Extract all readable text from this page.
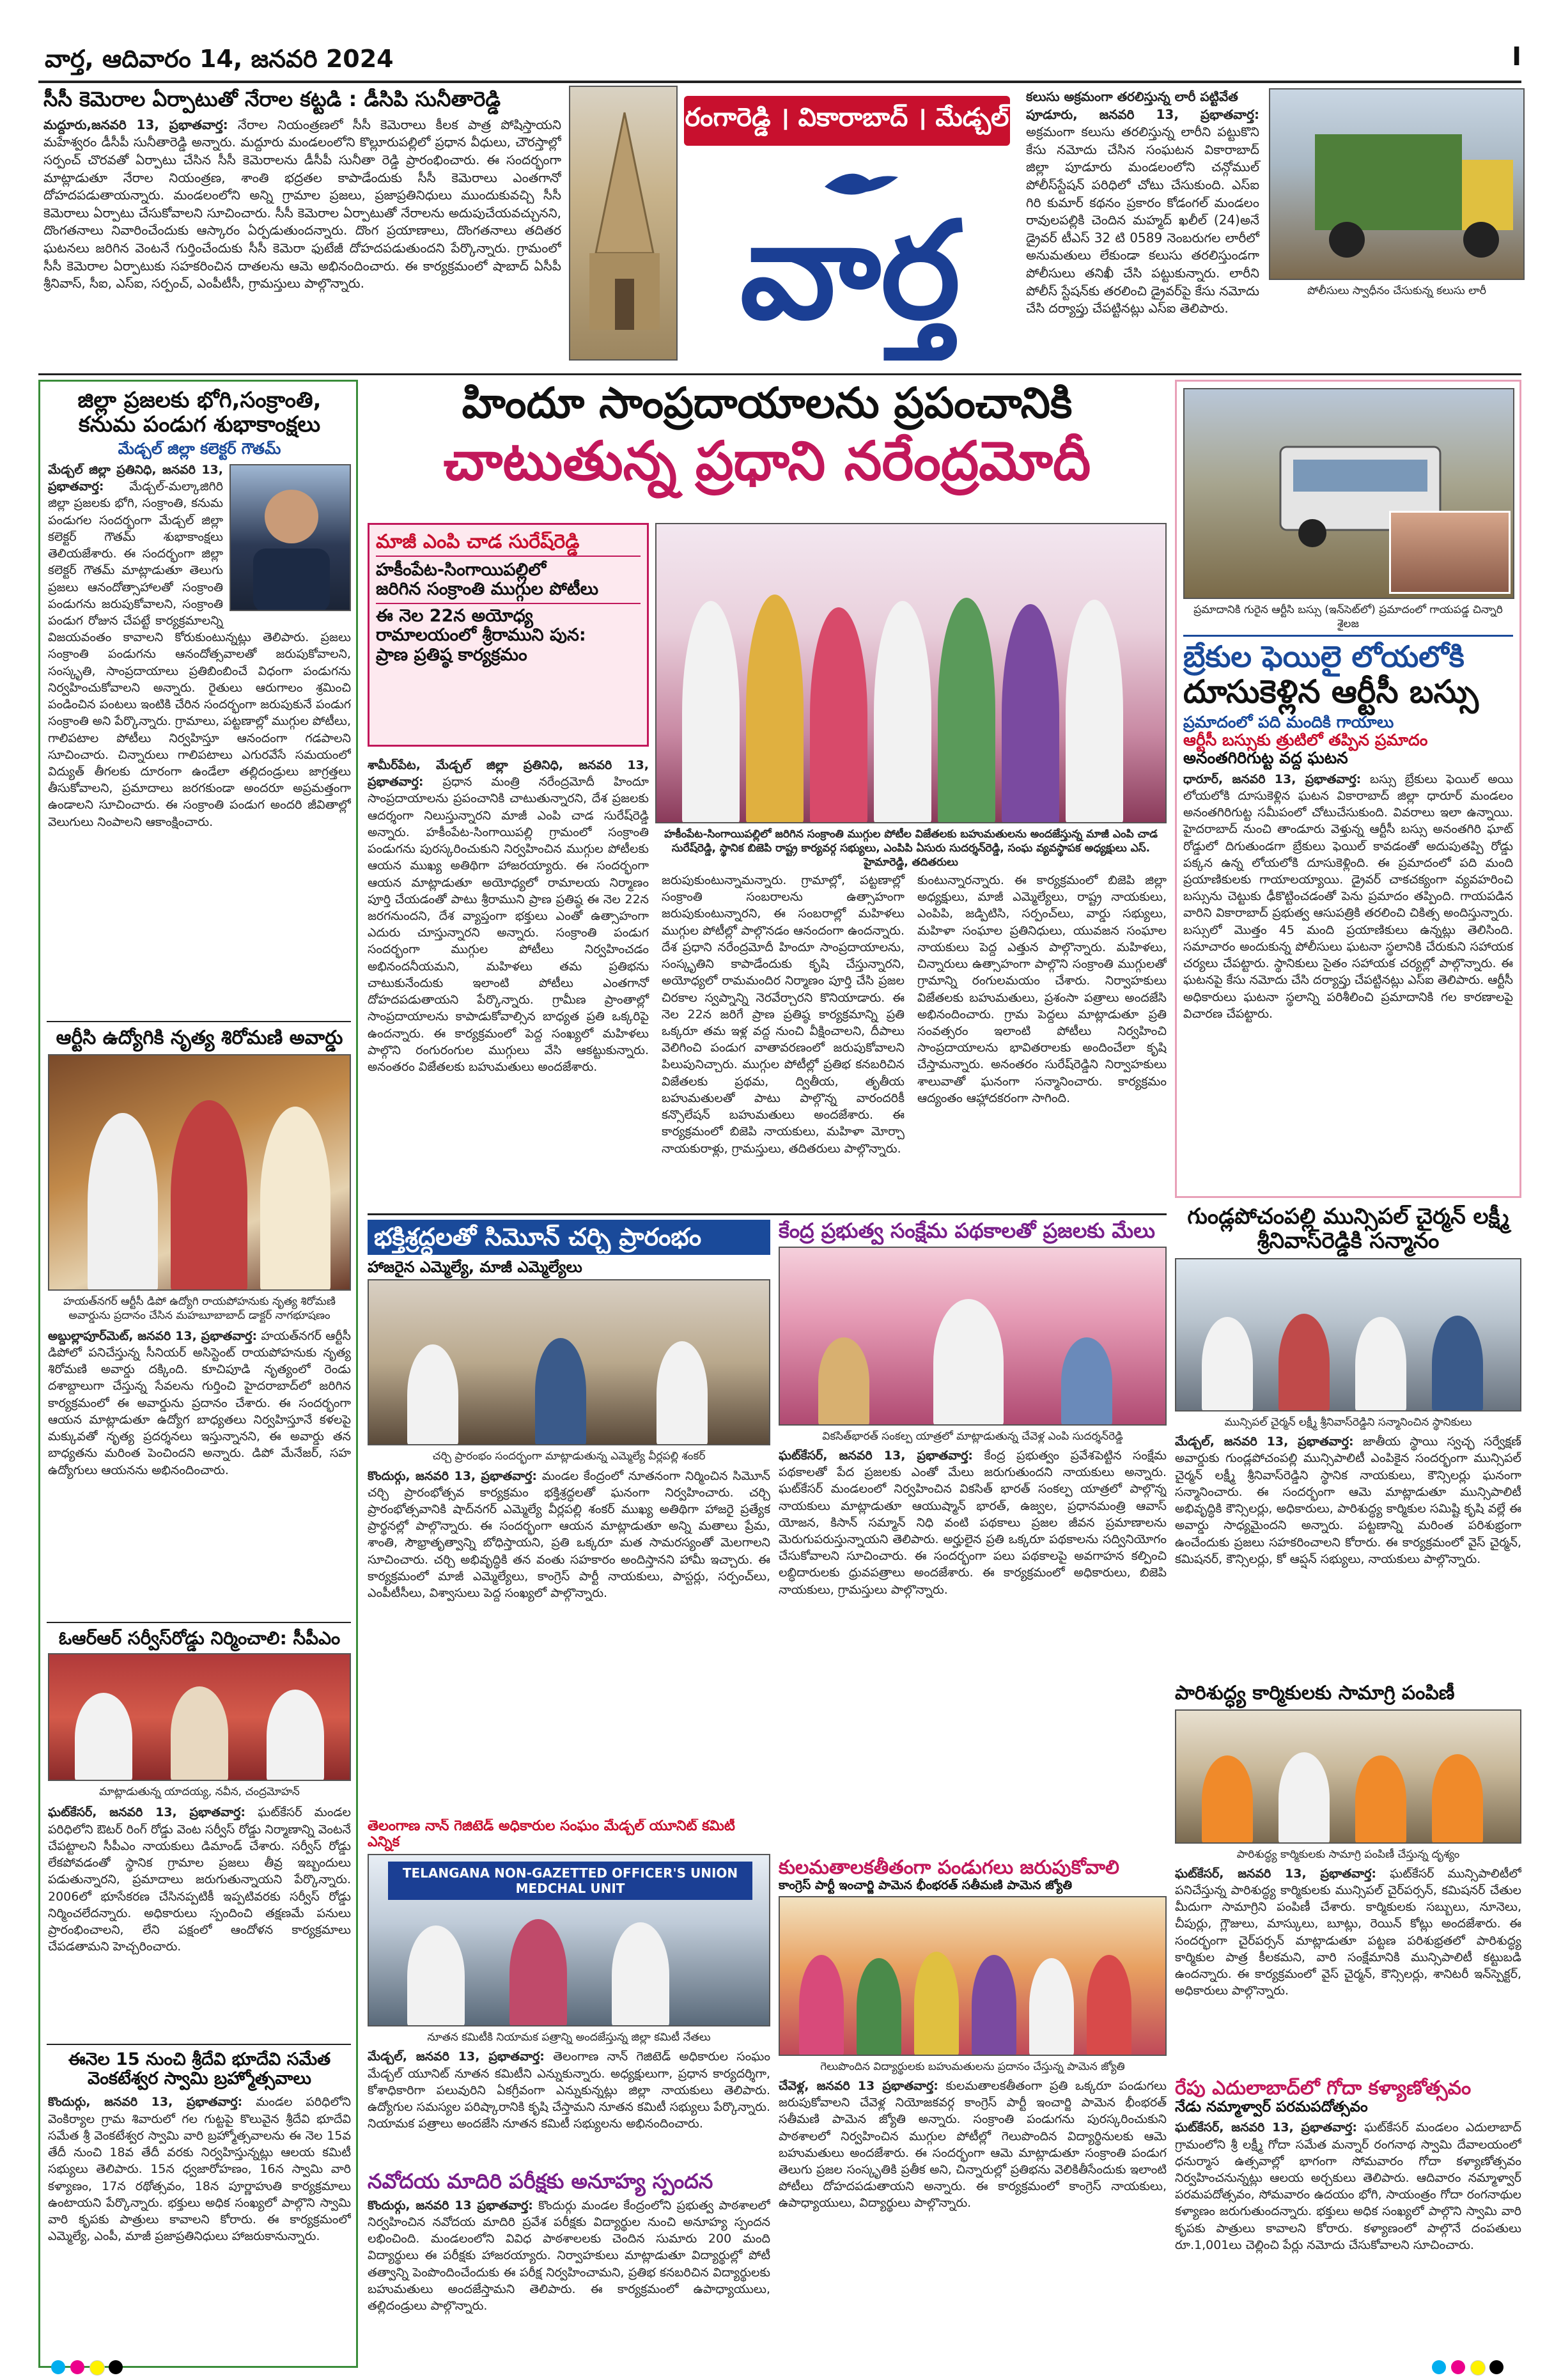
వార్త, ఆదివారం 14, జనవరి 2024	I
సీసీ కెమెరాల ఏర్పాటుతో నేరాల కట్టడి : డీసిపి సునీతారెడ్డి
మద్దూరు,జనవరి 13, ప్రభాతవార్త: నేరాల నియంత్రణలో సీసీ కెమెరాలు కీలక పాత్ర పోషిస్తాయని మహేశ్వరం డీసీపీ సునీతారెడ్డి అన్నారు. మద్దూరు మండలంలోని కొల్లూరుపల్లిలో ప్రధాన వీధులు, చౌరస్తాల్లో సర్పంచ్ చొరవతో ఏర్పాటు చేసిన సీసీ కెమెరాలను డీసీపీ సునీతా రెడ్డి ప్రారంభించారు. ఈ సందర్భంగా మాట్లాడుతూ నేరాల నియంత్రణ, శాంతి భద్రతల కాపాడేందుకు సీసీ కెమెరాలు ఎంతగానో దోహదపడుతాయన్నారు. మండలంలోని అన్ని గ్రామాల ప్రజలు, ప్రజాప్రతినిధులు ముందుకువచ్చి సీసీ కెమెరాలు ఏర్పాటు చేసుకోవాలని సూచించారు. సీసీ కెమెరాల ఏర్పాటుతో నేరాలను అదుపుచేయవచ్చునని, దొంగతనాలు నివారించేందుకు ఆస్కారం ఏర్పడుతుందన్నారు. దొంగ ప్రయాణాలు, దొంగతనాలు తదితర ఘటనలు జరిగిన వెంటనే గుర్తించేందుకు సీసీ కెమెరా ఫుటేజీ దోహదపడుతుందని పేర్కొన్నారు. గ్రామంలో సీసీ కెమెరాల ఏర్పాటుకు సహకరించిన దాతలను ఆమె అభినందించారు. ఈ కార్యక్రమంలో షాబాద్ ఏసీపీ శ్రీనివాస్, సీఐ, ఎస్ఐ, సర్పంచ్, ఎంపీటీసీ, గ్రామస్తులు పాల్గొన్నారు.
రంగారెడ్డి । వికారాబాద్ । మేడ్చల్
వార్త	పోలీసులు స్వాధీనం చేసుకున్న కలుసు లారీ
కలుసు అక్రమంగా తరలిస్తున్న లారీ పట్టివేత
పూడూరు, జనవరి 13, ప్రభాతవార్త: అక్రమంగా కలుసు తరలిస్తున్న లారీని పట్టుకొని కేసు నమోదు చేసిన సంఘటన వికారాబాద్ జిల్లా పూడూరు మండలంలోని చన్గోముల్ పోలీస్‌స్టేషన్ పరిధిలో చోటు చేసుకుంది. ఎస్‌ఐ గిరి కుమార్ కథనం ప్రకారం కోడంగల్ మండలం రావులపల్లికి చెందిన మహ్మద్ ఖలీల్ (24)అనే డ్రైవర్ టీఎస్ 32 టి 0589 నెంబరుగల లారీలో అనుమతులు లేకుండా కలుసు తరలిస్తుండగా పోలీసులు తనిఖీ చేసి పట్టుకున్నారు. లారీని పోలీస్ స్టేషన్‌కు తరలించి డ్రైవర్‌పై కేసు నమోదు చేసి దర్యాప్తు చేపట్టినట్లు ఎస్ఐ తెలిపారు.
జిల్లా ప్రజలకు భోగి,సంక్రాంతి, కనుమ పండుగ శుభాకాంక్షలు
మేడ్చల్ జిల్లా కలెక్టర్ గౌతమ్
మేడ్చల్ జిల్లా ప్రతినిధి, జనవరి 13, ప్రభాతవార్త: మేడ్చల్-మల్కాజిగిరి జిల్లా ప్రజలకు భోగి, సంక్రాంతి, కనుమ పండుగల సందర్భంగా మేడ్చల్ జిల్లా కలెక్టర్ గౌతమ్ శుభాకాంక్షలు తెలియజేశారు. ఈ సందర్భంగా జిల్లా కలెక్టర్ గౌతమ్ మాట్లాడుతూ తెలుగు ప్రజలు ఆనందోత్సాహాలతో సంక్రాంతి పండుగను జరుపుకోవాలని, సంక్రాంతి పండుగ రోజున చేపట్టే కార్యక్రమాలన్ని విజయవంతం కావాలని కోరుకుంటున్నట్లు తెలిపారు. ప్రజలు సంక్రాంతి పండుగను ఆనందోత్సవాలతో జరుపుకోవాలని, సంస్కృతి, సాంప్రదాయాలు ప్రతిబింబించే విధంగా పండుగను నిర్వహించుకోవాలని అన్నారు. రైతులు ఆరుగాలం శ్రమించి పండించిన పంటలు ఇంటికి చేరిన సందర్భంగా జరుపుకునే పండుగ సంక్రాంతి అని పేర్కొన్నారు. గ్రామాలు, పట్టణాల్లో ముగ్గుల పోటీలు, గాలిపటాల పోటీలు నిర్వహిస్తూ ఆనందంగా గడపాలని సూచించారు. చిన్నారులు గాలిపటాలు ఎగురవేసే సమయంలో విద్యుత్ తీగలకు దూరంగా ఉండేలా తల్లిదండ్రులు జాగ్రత్తలు తీసుకోవాలని, ప్రమాదాలు జరగకుండా అందరూ అప్రమత్తంగా ఉండాలని సూచించారు. ఈ సంక్రాంతి పండుగ అందరి జీవితాల్లో వెలుగులు నింపాలని ఆకాంక్షించారు.
ఆర్టీసి ఉద్యోగికి నృత్య శిరోమణి అవార్డు
హయత్‌నగర్ ఆర్టీసీ డిపో ఉద్యోగి రాయపోహనుకు నృత్య శిరోమణి అవార్డును ప్రదానం చేసిన మహబూబాబాద్ డాక్టర్ నాగభూషణం
అబ్దుల్లాపూర్‌మెట్, జనవరి 13, ప్రభాతవార్త: హయత్‌నగర్ ఆర్టీసీ డిపోలో పనిచేస్తున్న సీనియర్ అసిస్టెంట్ రాయపోహనుకు నృత్య శిరోమణి అవార్డు దక్కింది. కూచిపూడి నృత్యంలో రెండు దశాబ్దాలుగా చేస్తున్న సేవలను గుర్తించి హైదరాబాద్‌లో జరిగిన కార్యక్రమంలో ఈ అవార్డును ప్రదానం చేశారు. ఈ సందర్భంగా ఆయన మాట్లాడుతూ ఉద్యోగ బాధ్యతలు నిర్వహిస్తూనే కళలపై మక్కువతో నృత్య ప్రదర్శనలు ఇస్తున్నానని, ఈ అవార్డు తన బాధ్యతను మరింత పెంచిందని అన్నారు. డిపో మేనేజర్, సహ ఉద్యోగులు ఆయనను అభినందించారు.
ఓఆర్ఆర్ సర్వీస్‌రోడ్డు నిర్మించాలి: సీపీఎం
మాట్లాడుతున్న యాదయ్య, నవీన, చంద్రమోహన్
ఘట్‌కేసర్, జనవరి 13, ప్రభాతవార్త: ఘట్‌కేసర్ మండల పరిధిలోని ఔటర్ రింగ్ రోడ్డు వెంట సర్వీస్ రోడ్డు నిర్మాణాన్ని వెంటనే చేపట్టాలని సీపీఎం నాయకులు డిమాండ్ చేశారు. సర్వీస్ రోడ్డు లేకపోవడంతో స్థానిక గ్రామాల ప్రజలు తీవ్ర ఇబ్బందులు పడుతున్నారని, ప్రమాదాలు జరుగుతున్నాయని పేర్కొన్నారు. 2006లో భూసేకరణ చేసినప్పటికీ ఇప్పటివరకు సర్వీస్ రోడ్డు నిర్మించలేదన్నారు. అధికారులు స్పందించి తక్షణమే పనులు ప్రారంభించాలని, లేని పక్షంలో ఆందోళన కార్యక్రమాలు చేపడతామని హెచ్చరించారు.
ఈనెల 15 నుంచి శ్రీదేవి భూదేవి సమేత వెంకటేశ్వర స్వామి బ్రహ్మోత్సవాలు
కొందుర్గు, జనవరి 13, ప్రభాతవార్త: మండల పరిధిలోని వెంకిర్యాల గ్రామ శివారులో గల గుట్టపై కొలువైన శ్రీదేవి భూదేవి సమేత శ్రీ వెంకటేశ్వర స్వామి వారి బ్రహ్మోత్సవాలను ఈ నెల 15వ తేదీ నుంచి 18వ తేదీ వరకు నిర్వహిస్తున్నట్లు ఆలయ కమిటీ సభ్యులు తెలిపారు. 15న ధ్వజారోహణం, 16న స్వామి వారి కళ్యాణం, 17న రథోత్సవం, 18న పూర్ణాహుతి కార్యక్రమాలు ఉంటాయని పేర్కొన్నారు. భక్తులు అధిక సంఖ్యలో పాల్గొని స్వామి వారి కృపకు పాత్రులు కావాలని కోరారు. ఈ కార్యక్రమంలో ఎమ్మెల్యే, ఎంపీ, మాజీ ప్రజాప్రతినిధులు హాజరుకానున్నారు.
హిందూ సాంప్రదాయాలను ప్రపంచానికి
చాటుతున్న ప్రధాని నరేంద్రమోదీ
మాజీ ఎంపి చాడ సురేష్‌రెడ్డి
హకీంపేట-సింగాయిపల్లిలో
జరిగిన సంక్రాంతి ముగ్గుల పోటీలు
ఈ నెల 22న అయోధ్య
రామాలయంలో శ్రీరాముని పున:
ప్రాణ ప్రతిష్ఠ కార్యక్రమం
హకీంపేట-సింగాయిపల్లిలో జరిగిన సంక్రాంతి ముగ్గుల పోటీల విజేతలకు బహుమతులను అందజేస్తున్న మాజీ ఎంపి చాడ సురేష్‌రెడ్డి, స్థానిక బిజెపి రాష్ట్ర కార్యవర్గ సభ్యులు, ఎంపిపి ఏసురు సుదర్శన్‌రెడ్డి, సంఘ వ్యవస్థాపక అధ్యక్షులు ఎస్. హైమారెడ్డి, తదితరులు
శామీర్‌పేట, మేడ్చల్ జిల్లా ప్రతినిధి, జనవరి 13, ప్రభాతవార్త: ప్రధాన మంత్రి నరేంద్రమోదీ హిందూ సాంప్రదాయాలను ప్రపంచానికి చాటుతున్నారని, దేశ ప్రజలకు ఆదర్శంగా నిలుస్తున్నారని మాజీ ఎంపి చాడ సురేష్‌రెడ్డి అన్నారు. హకీంపేట-సింగాయిపల్లి గ్రామంలో సంక్రాంతి పండుగను పురస్కరించుకుని నిర్వహించిన ముగ్గుల పోటీలకు ఆయన ముఖ్య అతిథిగా హాజరయ్యారు. ఈ సందర్భంగా ఆయన మాట్లాడుతూ అయోధ్యలో రామాలయ నిర్మాణం పూర్తి చేయడంతో పాటు శ్రీరాముని ప్రాణ ప్రతిష్ఠ ఈ నెల 22న జరగనుందని, దేశ వ్యాప్తంగా భక్తులు ఎంతో ఉత్సాహంగా ఎదురు చూస్తున్నారని అన్నారు. సంక్రాంతి పండుగ సందర్భంగా ముగ్గుల పోటీలు నిర్వహించడం అభినందనీయమని, మహిళలు తమ ప్రతిభను చాటుకునేందుకు ఇలాంటి పోటీలు ఎంతగానో దోహదపడుతాయని పేర్కొన్నారు. గ్రామీణ ప్రాంతాల్లో సాంప్రదాయాలను కాపాడుకోవాల్సిన బాధ్యత ప్రతి ఒక్కరిపై ఉందన్నారు. ఈ కార్యక్రమంలో పెద్ద సంఖ్యలో మహిళలు పాల్గొని రంగురంగుల ముగ్గులు వేసి ఆకట్టుకున్నారు. అనంతరం విజేతలకు బహుమతులు అందజేశారు.
జరుపుకుంటున్నామన్నారు. గ్రామాల్లో, పట్టణాల్లో సంక్రాంతి సంబరాలను ఉత్సాహంగా జరుపుకుంటున్నారని, ఈ సంబరాల్లో మహిళలు ముగ్గుల పోటీల్లో పాల్గొనడం ఆనందంగా ఉందన్నారు. దేశ ప్రధాని నరేంద్రమోదీ హిందూ సాంప్రదాయాలను, సంస్కృతిని కాపాడేందుకు కృషి చేస్తున్నారని, అయోధ్యలో రామమందిర నిర్మాణం పూర్తి చేసి ప్రజల చిరకాల స్వప్నాన్ని నెరవేర్చారని కొనియాడారు. ఈ నెల 22న జరిగే ప్రాణ ప్రతిష్ఠ కార్యక్రమాన్ని ప్రతి ఒక్కరూ తమ ఇళ్ల వద్ద నుంచి వీక్షించాలని, దీపాలు వెలిగించి పండుగ వాతావరణంలో జరుపుకోవాలని పిలుపునిచ్చారు. ముగ్గుల పోటీల్లో ప్రతిభ కనబరిచిన విజేతలకు ప్రథమ, ద్వితీయ, తృతీయ బహుమతులతో పాటు పాల్గొన్న వారందరికీ కన్సొలేషన్ బహుమతులు అందజేశారు. ఈ కార్యక్రమంలో బిజెపి నాయకులు, మహిళా మోర్చా నాయకురాళ్లు, గ్రామస్తులు, తదితరులు పాల్గొన్నారు.
కుంటున్నారన్నారు. ఈ కార్యక్రమంలో బిజెపి జిల్లా అధ్యక్షులు, మాజీ ఎమ్మెల్యేలు, రాష్ట్ర నాయకులు, ఎంపిపి, జడ్పిటిసి, సర్పంచ్‌లు, వార్డు సభ్యులు, మహిళా సంఘాల ప్రతినిధులు, యువజన సంఘాల నాయకులు పెద్ద ఎత్తున పాల్గొన్నారు. మహిళలు, చిన్నారులు ఉత్సాహంగా పాల్గొని సంక్రాంతి ముగ్గులతో గ్రామాన్ని రంగులమయం చేశారు. నిర్వాహకులు విజేతలకు బహుమతులు, ప్రశంసా పత్రాలు అందజేసి అభినందించారు. గ్రామ పెద్దలు మాట్లాడుతూ ప్రతి సంవత్సరం ఇలాంటి పోటీలు నిర్వహించి సాంప్రదాయాలను భావితరాలకు అందించేలా కృషి చేస్తామన్నారు. అనంతరం సురేష్‌రెడ్డిని నిర్వాహకులు శాలువాతో ఘనంగా సన్మానించారు. కార్యక్రమం ఆద్యంతం ఆహ్లాదకరంగా సాగింది.
ప్రమాదానికి గురైన ఆర్టీసి బస్సు (ఇన్‌సెట్‌లో) ప్రమాదంలో గాయపడ్డ చిన్నారి శైలజ
బ్రేకుల ఫెయిలై లోయలోకి
దూసుకెళ్లిన ఆర్టీసీ బస్సు
ప్రమాదంలో పది మందికి గాయాలు
ఆర్టీసీ బస్సుకు త్రుటిలో తప్పిన ప్రమాదం
అనంతగిరిగుట్ట వద్ద ఘటన
ధారూర్, జనవరి 13, ప్రభాతవార్త: బస్సు బ్రేకులు ఫెయిల్ అయి లోయలోకి దూసుకెళ్లిన ఘటన వికారాబాద్ జిల్లా ధారూర్ మండలం అనంతగిరిగుట్ట సమీపంలో చోటుచేసుకుంది. వివరాలు ఇలా ఉన్నాయి. హైదరాబాద్ నుంచి తాండూరు వెళ్తున్న ఆర్టీసీ బస్సు అనంతగిరి ఘాట్ రోడ్డులో దిగుతుండగా బ్రేకులు ఫెయిల్ కావడంతో అదుపుతప్పి రోడ్డు పక్కన ఉన్న లోయలోకి దూసుకెళ్లింది. ఈ ప్రమాదంలో పది మంది ప్రయాణికులకు గాయాలయ్యాయి. డ్రైవర్ చాకచక్యంగా వ్యవహరించి బస్సును చెట్టుకు ఢీకొట్టించడంతో పెను ప్రమాదం తప్పింది. గాయపడిన వారిని వికారాబాద్ ప్రభుత్వ ఆసుపత్రికి తరలించి చికిత్స అందిస్తున్నారు. బస్సులో మొత్తం 45 మంది ప్రయాణికులు ఉన్నట్లు తెలిసింది. సమాచారం అందుకున్న పోలీసులు ఘటనా స్థలానికి చేరుకుని సహాయక చర్యలు చేపట్టారు. స్థానికులు సైతం సహాయక చర్యల్లో పాల్గొన్నారు. ఈ ఘటనపై కేసు నమోదు చేసి దర్యాప్తు చేపట్టినట్లు ఎస్ఐ తెలిపారు. ఆర్టీసీ అధికారులు ఘటనా స్థలాన్ని పరిశీలించి ప్రమాదానికి గల కారణాలపై విచారణ చేపట్టారు.
భక్తిశ్రద్ధలతో సిమెూన్ చర్చి ప్రారంభం
హాజరైన ఎమ్మెల్యే, మాజీ ఎమ్మెల్యేలు
చర్చి ప్రారంభం సందర్భంగా మాట్లాడుతున్న ఎమ్మెల్యే వీర్లపల్లి శంకర్
కొందుర్గు, జనవరి 13, ప్రభాతవార్త: మండల కేంద్రంలో నూతనంగా నిర్మించిన సిమెూన్ చర్చి ప్రారంభోత్సవ కార్యక్రమం భక్తిశ్రద్ధలతో ఘనంగా నిర్వహించారు. చర్చి ప్రారంభోత్సవానికి షాద్‌నగర్ ఎమ్మెల్యే వీర్లపల్లి శంకర్ ముఖ్య అతిథిగా హాజరై ప్రత్యేక ప్రార్థనల్లో పాల్గొన్నారు. ఈ సందర్భంగా ఆయన మాట్లాడుతూ అన్ని మతాలు ప్రేమ, శాంతి, సౌభ్రాతృత్వాన్ని బోధిస్తాయని, ప్రతి ఒక్కరూ మత సామరస్యంతో మెలగాలని సూచించారు. చర్చి అభివృద్ధికి తన వంతు సహకారం అందిస్తానని హామీ ఇచ్చారు. ఈ కార్యక్రమంలో మాజీ ఎమ్మెల్యేలు, కాంగ్రెస్ పార్టీ నాయకులు, పాస్టర్లు, సర్పంచ్‌లు, ఎంపీటీసీలు, విశ్వాసులు పెద్ద సంఖ్యలో పాల్గొన్నారు.
తెలంగాణ నాన్ గెజిటెడ్ అధికారుల సంఘం మేడ్చల్ యూనిట్ కమిటీ ఎన్నిక
TELANGANA NON-GAZETTED OFFICER'S UNION MEDCHAL UNIT
నూతన కమిటీకి నియామక పత్రాన్ని అందజేస్తున్న జిల్లా కమిటీ నేతలు
మేడ్చల్, జనవరి 13, ప్రభాతవార్త: తెలంగాణ నాన్ గెజిటెడ్ అధికారుల సంఘం మేడ్చల్ యూనిట్ నూతన కమిటీని ఎన్నుకున్నారు. అధ్యక్షులుగా, ప్రధాన కార్యదర్శిగా, కోశాధికారిగా పలువురిని ఏకగ్రీవంగా ఎన్నుకున్నట్లు జిల్లా నాయకులు తెలిపారు. ఉద్యోగుల సమస్యల పరిష్కారానికి కృషి చేస్తామని నూతన కమిటీ సభ్యులు పేర్కొన్నారు. నియామక పత్రాలు అందజేసి నూతన కమిటీ సభ్యులను అభినందించారు.
నవోదయ మాదిరి పరీక్షకు అనూహ్య స్పందన
కొందుర్గు, జనవరి 13 ప్రభాతవార్త: కొందుర్గు మండల కేంద్రంలోని ప్రభుత్వ పాఠశాలలో నిర్వహించిన నవోదయ మాదిరి ప్రవేశ పరీక్షకు విద్యార్థుల నుంచి అనూహ్య స్పందన లభించింది. మండలంలోని వివిధ పాఠశాలలకు చెందిన సుమారు 200 మంది విద్యార్థులు ఈ పరీక్షకు హాజరయ్యారు. నిర్వాహకులు మాట్లాడుతూ విద్యార్థుల్లో పోటీ తత్వాన్ని పెంపొందించేందుకు ఈ పరీక్ష నిర్వహించామని, ప్రతిభ కనబరిచిన విద్యార్థులకు బహుమతులు అందజేస్తామని తెలిపారు. ఈ కార్యక్రమంలో ఉపాధ్యాయులు, తల్లిదండ్రులు పాల్గొన్నారు.
కేంద్ర ప్రభుత్వ సంక్షేమ పథకాలతో ప్రజలకు మేలు
వికసిత్‌భారత్ సంకల్ప యాత్రలో మాట్లాడుతున్న చేవెళ్ల ఎంపి సుదర్శన్‌రెడ్డి
ఘట్‌కేసర్, జనవరి 13, ప్రభాతవార్త: కేంద్ర ప్రభుత్వం ప్రవేశపెట్టిన సంక్షేమ పథకాలతో పేద ప్రజలకు ఎంతో మేలు జరుగుతుందని నాయకులు అన్నారు. ఘట్‌కేసర్ మండలంలో నిర్వహించిన వికసిత్ భారత్ సంకల్ప యాత్రలో పాల్గొన్న నాయకులు మాట్లాడుతూ ఆయుష్మాన్ భారత్, ఉజ్వల, ప్రధానమంత్రి ఆవాస్ యోజన, కిసాన్ సమ్మాన్ నిధి వంటి పథకాలు ప్రజల జీవన ప్రమాణాలను మెరుగుపరుస్తున్నాయని తెలిపారు. అర్హులైన ప్రతి ఒక్కరూ పథకాలను సద్వినియోగం చేసుకోవాలని సూచించారు. ఈ సందర్భంగా పలు పథకాలపై అవగాహన కల్పించి లబ్ధిదారులకు ధ్రువపత్రాలు అందజేశారు. ఈ కార్యక్రమంలో అధికారులు, బిజెపి నాయకులు, గ్రామస్తులు పాల్గొన్నారు.
కులమతాలకతీతంగా పండుగలు జరుపుకోవాలి
కాంగ్రెస్ పార్టీ ఇంచార్జి పామెన భీంభరత్ సతీమణి పామెన జ్యోతి
గెలుపొందిన విద్యార్థులకు బహుమతులను ప్రదానం చేస్తున్న పామెన జ్యోతి
చేవెళ్ల, జనవరి 13 ప్రభాతవార్త: కులమతాలకతీతంగా ప్రతి ఒక్కరూ పండుగలు జరుపుకోవాలని చేవెళ్ల నియోజకవర్గ కాంగ్రెస్ పార్టీ ఇంచార్జి పామెన భీంభరత్ సతీమణి పామెన జ్యోతి అన్నారు. సంక్రాంతి పండుగను పురస్కరించుకుని పాఠశాలలో నిర్వహించిన ముగ్గుల పోటీల్లో గెలుపొందిన విద్యార్థినులకు ఆమె బహుమతులు అందజేశారు. ఈ సందర్భంగా ఆమె మాట్లాడుతూ సంక్రాంతి పండుగ తెలుగు ప్రజల సంస్కృతికి ప్రతీక అని, చిన్నారుల్లో ప్రతిభను వెలికితీసేందుకు ఇలాంటి పోటీలు దోహదపడుతాయని అన్నారు. ఈ కార్యక్రమంలో కాంగ్రెస్ నాయకులు, ఉపాధ్యాయులు, విద్యార్థులు పాల్గొన్నారు.
గుండ్లపోచంపల్లి మున్సిపల్ చైర్మన్ లక్ష్మీ శ్రీనివాస్‌రెడ్డికి సన్మానం
మున్సిపల్ చైర్మన్ లక్ష్మీ శ్రీనివాస్‌రెడ్డిని సన్మానించిన స్థానికులు
మేడ్చల్, జనవరి 13, ప్రభాతవార్త: జాతీయ స్థాయి స్వచ్ఛ సర్వేక్షణ్ అవార్డుకు గుండ్లపోచంపల్లి మున్సిపాలిటీ ఎంపికైన సందర్భంగా మున్సిపల్ చైర్మన్ లక్ష్మీ శ్రీనివాస్‌రెడ్డిని స్థానిక నాయకులు, కౌన్సిలర్లు ఘనంగా సన్మానించారు. ఈ సందర్భంగా ఆమె మాట్లాడుతూ మున్సిపాలిటీ అభివృద్ధికి కౌన్సిలర్లు, అధికారులు, పారిశుద్ధ్య కార్మికుల సమిష్టి కృషి వల్లే ఈ అవార్డు సాధ్యమైందని అన్నారు. పట్టణాన్ని మరింత పరిశుభ్రంగా ఉంచేందుకు ప్రజలు సహకరించాలని కోరారు. ఈ కార్యక్రమంలో వైస్ చైర్మన్, కమిషనర్, కౌన్సిలర్లు, కో ఆప్షన్ సభ్యులు, నాయకులు పాల్గొన్నారు.
పారిశుద్ధ్య కార్మికులకు సామాగ్రి పంపిణీ
పారిశుద్ధ్య కార్మికులకు సామాగ్రి పంపిణీ చేస్తున్న దృశ్యం
ఘట్‌కేసర్, జనవరి 13, ప్రభాతవార్త: ఘట్‌కేసర్ మున్సిపాలిటీలో పనిచేస్తున్న పారిశుద్ధ్య కార్మికులకు మున్సిపల్ చైర్‌పర్సన్, కమిషనర్ చేతుల మీదుగా సామాగ్రిని పంపిణీ చేశారు. కార్మికులకు సబ్బులు, నూనెలు, చీపుర్లు, గ్లౌజులు, మాస్కులు, బూట్లు, రెయిన్ కోట్లు అందజేశారు. ఈ సందర్భంగా చైర్‌పర్సన్ మాట్లాడుతూ పట్టణ పరిశుభ్రతలో పారిశుద్ధ్య కార్మికుల పాత్ర కీలకమని, వారి సంక్షేమానికి మున్సిపాలిటీ కట్టుబడి ఉందన్నారు. ఈ కార్యక్రమంలో వైస్ చైర్మన్, కౌన్సిలర్లు, శానిటరీ ఇన్‌స్పెక్టర్, అధికారులు పాల్గొన్నారు.
రేపు ఎదులాబాద్‌లో గోదా కళ్యాణోత్సవం
నేడు నమ్మాళ్వార్ పరమపదోత్సవం
ఘట్‌కేసర్, జనవరి 13, ప్రభాతవార్త: ఘట్‌కేసర్ మండలం ఎదులాబాద్ గ్రామంలోని శ్రీ లక్ష్మీ గోదా సమేత మన్నార్ రంగనాథ స్వామి దేవాలయంలో ధనుర్మాస ఉత్సవాల్లో భాగంగా సోమవారం గోదా కళ్యాణోత్సవం నిర్వహించనున్నట్లు ఆలయ అర్చకులు తెలిపారు. ఆదివారం నమ్మాళ్వార్ పరమపదోత్సవం, సోమవారం ఉదయం భోగి, సాయంత్రం గోదా రంగనాథుల కళ్యాణం జరుగుతుందన్నారు. భక్తులు అధిక సంఖ్యలో పాల్గొని స్వామి వారి కృపకు పాత్రులు కావాలని కోరారు. కళ్యాణంలో పాల్గొనే దంపతులు రూ.1,001లు చెల్లించి పేర్లు నమోదు చేసుకోవాలని సూచించారు.
